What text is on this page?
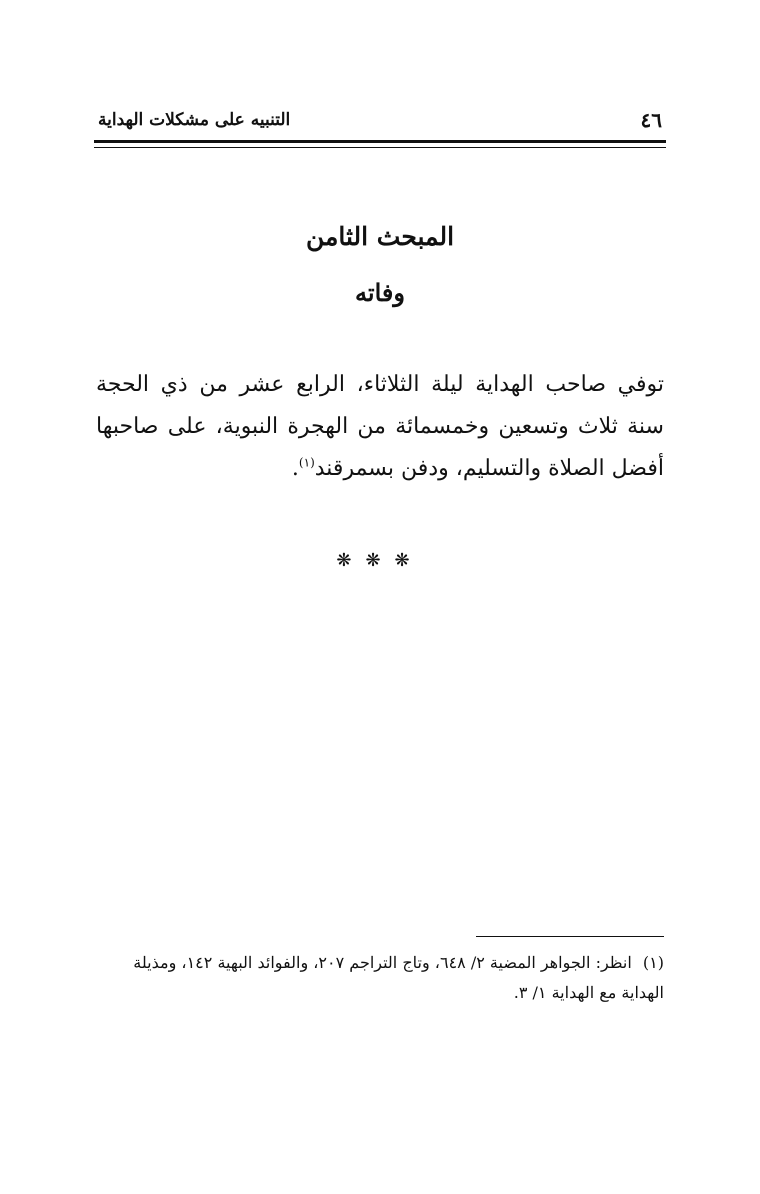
٤٦
التنبيه على مشكلات الهداية
المبحث الثامن
وفاته

توفي صاحب الهداية ليلة الثلاثاء، الرابع عشر من ذي الحجة سنة ثلاث وتسعين وخمسمائة من الهجرة النبوية، على صاحبها أفضل الصلاة والتسليم، ودفن بسمرقند$^{(١)}$.

❋❋❋
(١) انظر: الجواهر المضية ٢/ ٦٤٨، وتاج التراجم ٢٠٧، والفوائد البهية ١٤٢، ومذيلة الهداية مع الهداية ١/ ٣.
